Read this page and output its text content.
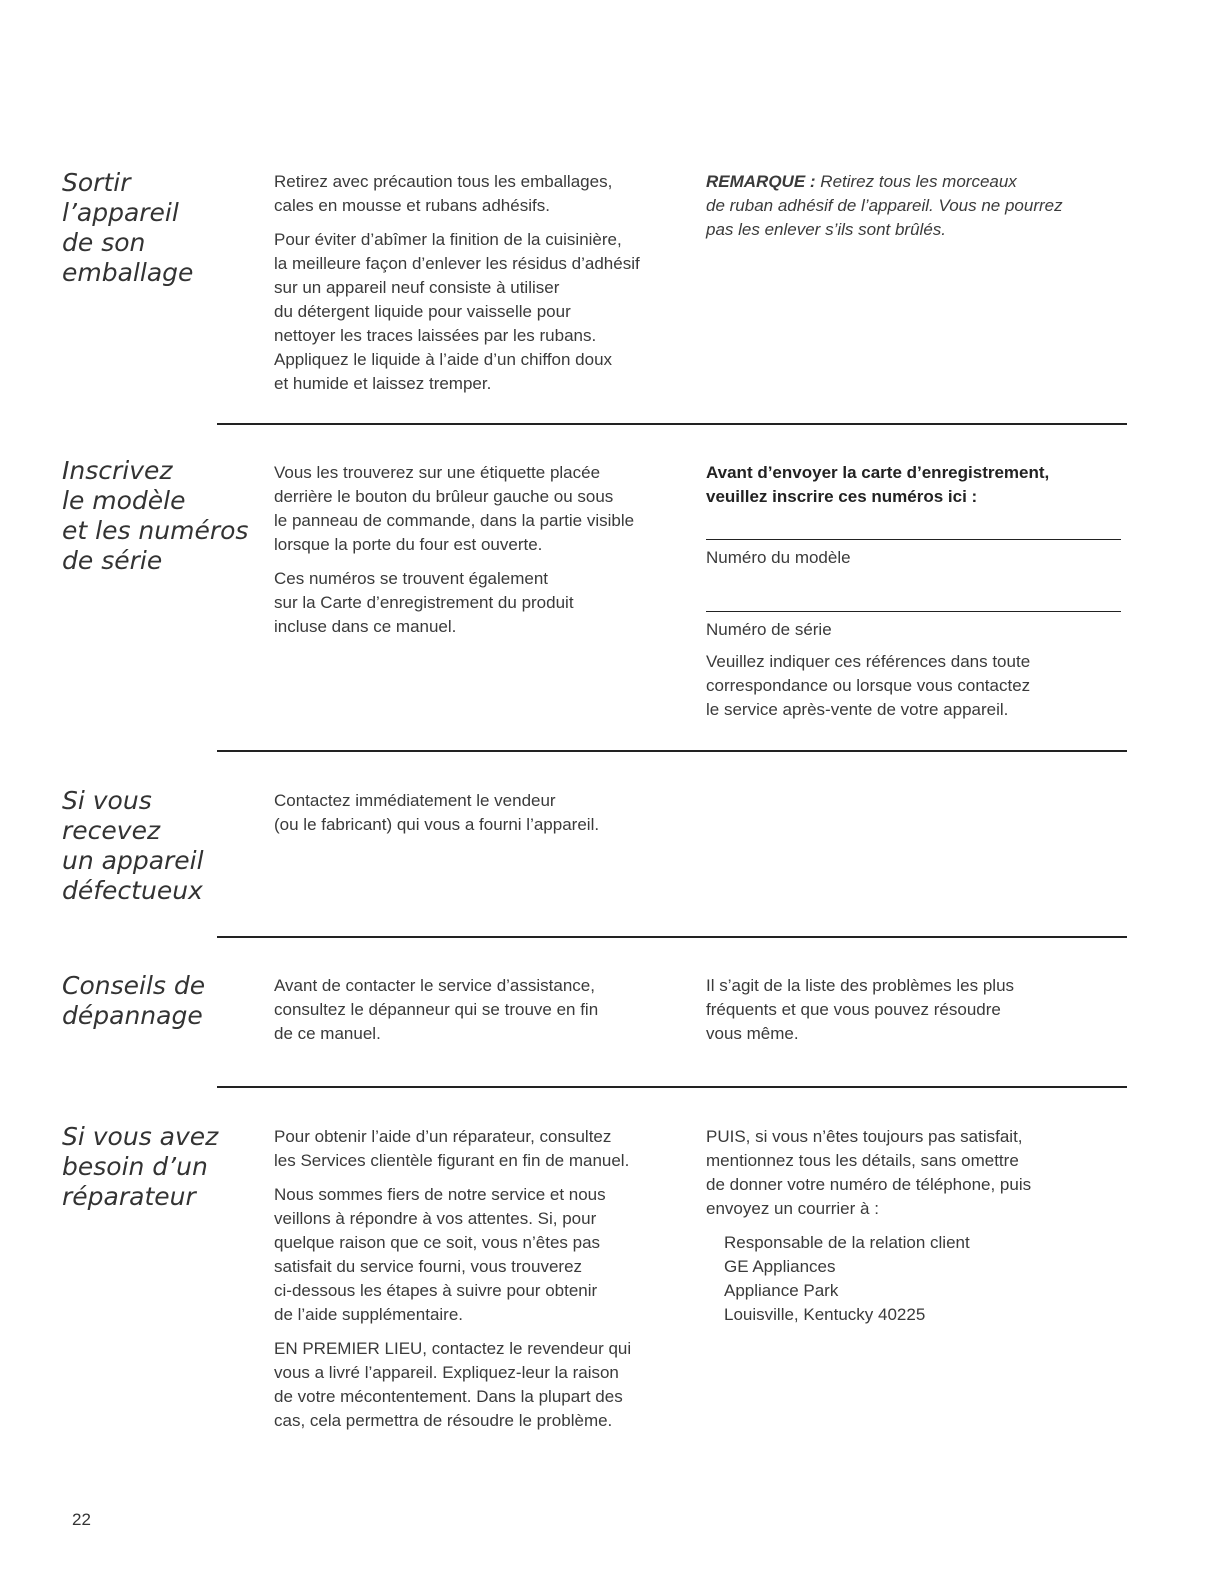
Sortir
l’appareil
de son
emballage

Retirez avec précaution tous les emballages,
cales en mousse et rubans adhésifs.

Pour éviter d’abîmer la finition de la cuisinière,
la meilleure façon d’enlever les résidus d’adhésif
sur un appareil neuf consiste à utiliser
du détergent liquide pour vaisselle pour
nettoyer les traces laissées par les rubans.
Appliquez le liquide à l’aide d’un chiffon doux
et humide et laissez tremper.

REMARQUE : Retirez tous les morceaux
de ruban adhésif de l’appareil. Vous ne pourrez
pas les enlever s’ils sont brûlés.

Inscrivez
le modèle
et les numéros
de série

Vous les trouverez sur une étiquette placée
derrière le bouton du brûleur gauche ou sous
le panneau de commande, dans la partie visible
lorsque la porte du four est ouverte.

Ces numéros se trouvent également
sur la Carte d’enregistrement du produit
incluse dans ce manuel.

Avant d’envoyer la carte d’enregistrement,
veuillez inscrire ces numéros ici :

Numéro du modèle

Numéro de série

Veuillez indiquer ces références dans toute
correspondance ou lorsque vous contactez
le service après-vente de votre appareil.

Si vous
recevez
un appareil
défectueux

Contactez immédiatement le vendeur
(ou le fabricant) qui vous a fourni l’appareil.

Conseils de
dépannage

Avant de contacter le service d’assistance,
consultez le dépanneur qui se trouve en fin
de ce manuel.

Il s’agit de la liste des problèmes les plus
fréquents et que vous pouvez résoudre
vous même.

Si vous avez
besoin d’un
réparateur

Pour obtenir l’aide d’un réparateur, consultez
les Services clientèle figurant en fin de manuel.

Nous sommes fiers de notre service et nous
veillons à répondre à vos attentes. Si, pour
quelque raison que ce soit, vous n’êtes pas
satisfait du service fourni, vous trouverez
ci-dessous les étapes à suivre pour obtenir
de l’aide supplémentaire.

EN PREMIER LIEU, contactez le revendeur qui
vous a livré l’appareil. Expliquez-leur la raison
de votre mécontentement. Dans la plupart des
cas, cela permettra de résoudre le problème.

PUIS, si vous n’êtes toujours pas satisfait,
mentionnez tous les détails, sans omettre
de donner votre numéro de téléphone, puis
envoyez un courrier à :

Responsable de la relation client
GE Appliances
Appliance Park
Louisville, Kentucky 40225
22
